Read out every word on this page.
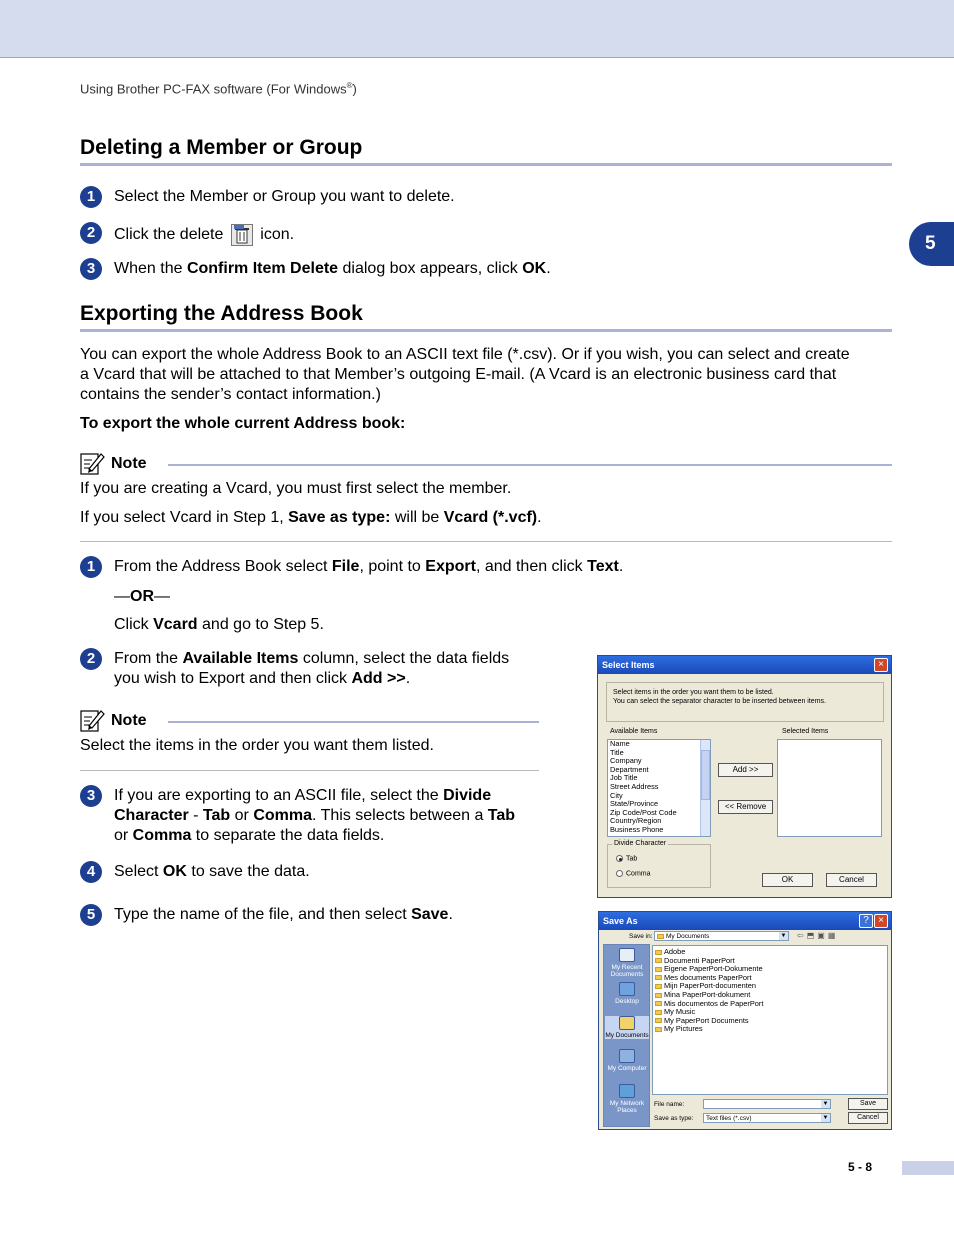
Using Brother PC-FAX software (For Windows®)
5
Deleting a Member or Group
1	Select the Member or Group you want to delete.
2	Click the delete icon.
3	When the Confirm Item Delete dialog box appears, click OK.
Exporting the Address Book
You can export the whole Address Book to an ASCII text file (*.csv). Or if you wish, you can select and create
a Vcard that will be attached to that Member’s outgoing E-mail. (A Vcard is an electronic business card that
contains the sender’s contact information.)
To export the whole current Address book:
Note
If you are creating a Vcard, you must first select the member.
If you select Vcard in Step 1, Save as type: will be Vcard (*.vcf).
1	From the Address Book select File, point to Export, and then click Text.
—OR—
Click Vcard and go to Step 5.
2	From the Available Items column, select the data fields
you wish to Export and then click Add >>.
Note
Select the items in the order you want them listed.
3	If you are exporting to an ASCII file, select the Divide
Character - Tab or Comma. This selects between a Tab
or Comma to separate the data fields.
4	Select OK to save the data.
5	Type the name of the file, and then select Save.
Select Items	×
Select items in the order you want them to be listed.
You can select the separator character to be inserted between items.
Available Items	Selected Items
Name
Title
Company
Department
Job Title
Street Address
City
State/Province
Zip Code/Post Code
Country/Region
Business Phone
Add >>
<< Remove
Divide Character
Tab
Comma
OK	Cancel
Save As	? ×
Save in:	My Documents	▼ ⇦⬒▣▦
Adobe
Documenti PaperPort
Eigene PaperPort-Dokumente
Mes documents PaperPort
Mijn PaperPort-documenten
Mina PaperPort-dokument
Mis documentos de PaperPort
My Music
My PaperPort Documents
My Pictures
File name:	▼
Save as type:	Text files (*.csv)	▼
Save
Cancel
My Recent Documents
Desktop
My Documents
My Computer
My Network Places
5 - 8
